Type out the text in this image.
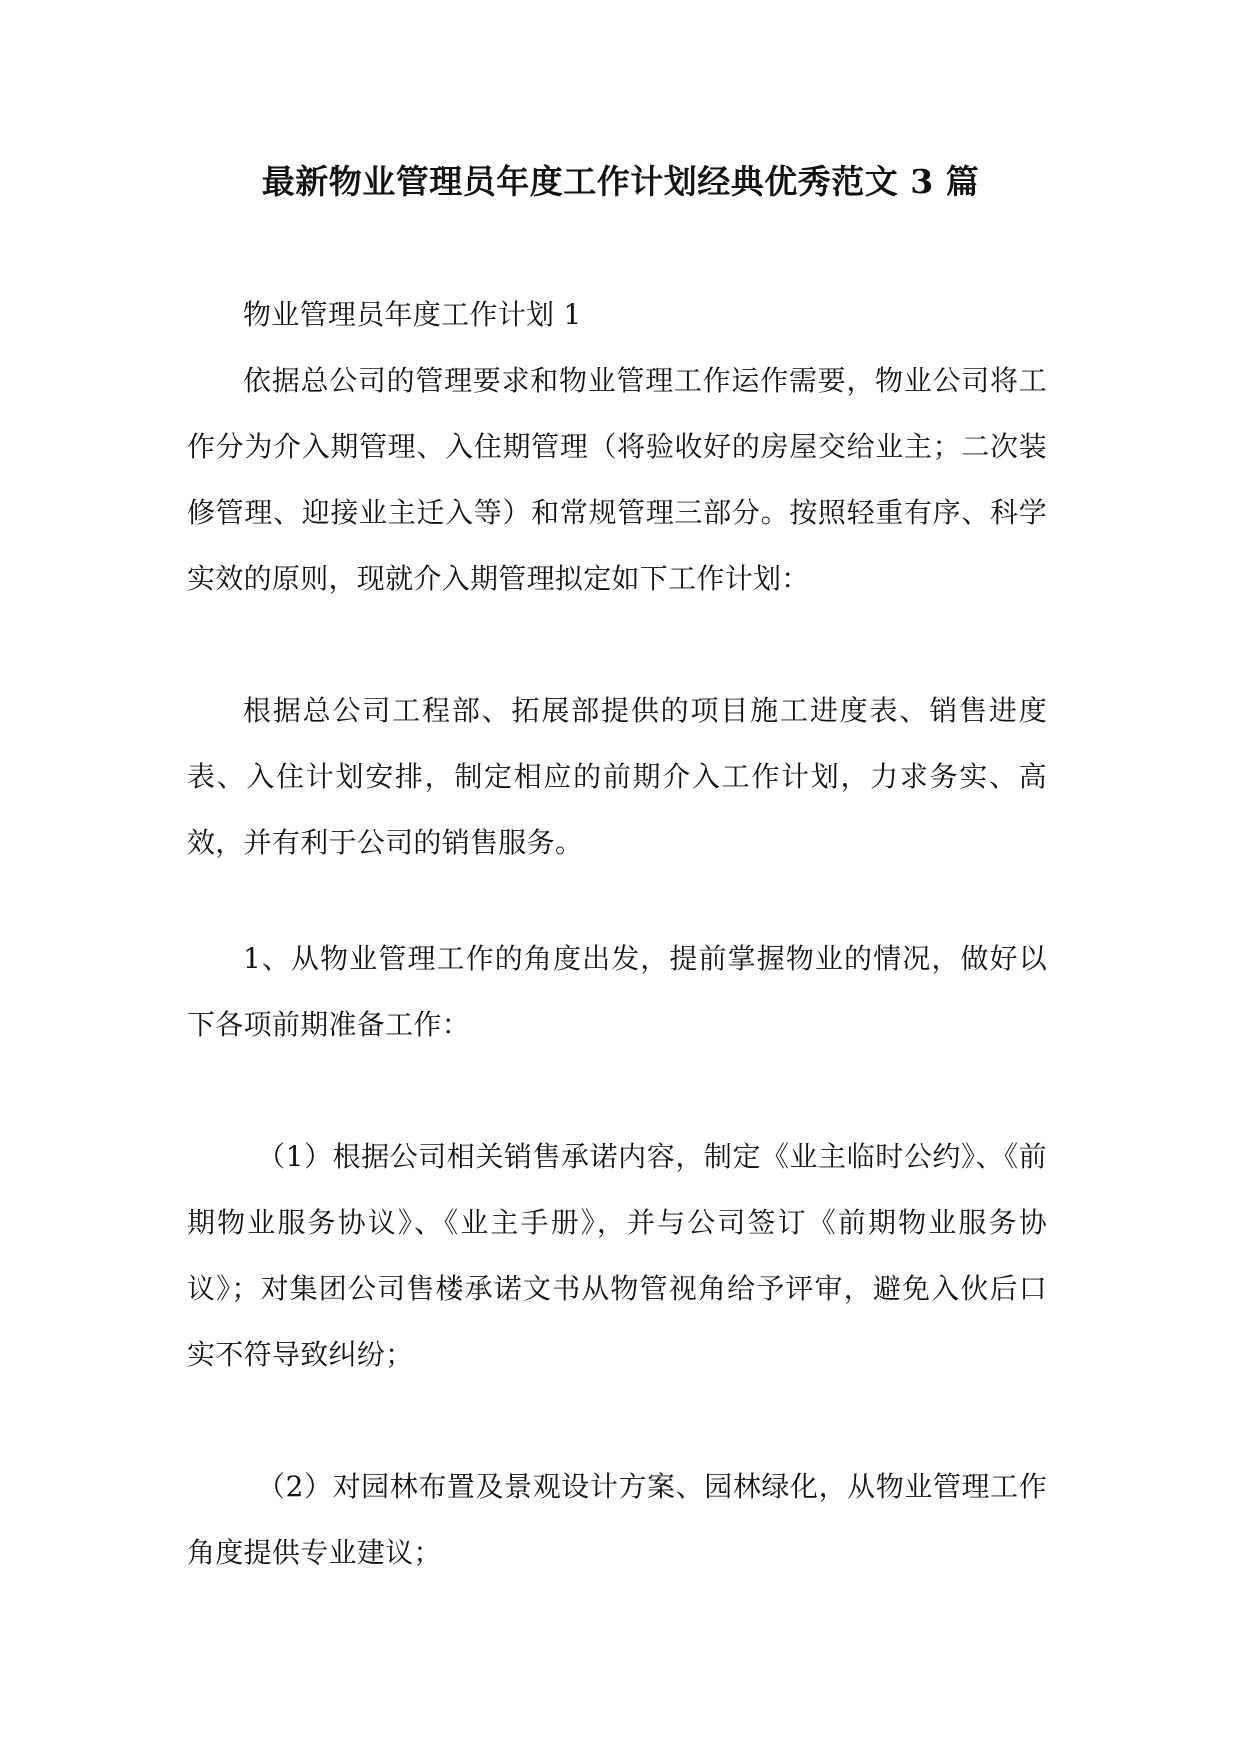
最新物业管理员年度工作计划经典优秀范文 3 篇

物业管理员年度工作计划 1

依据总公司的管理要求和物业管理工作运作需要，物业公司将工作分为介入期管理、入住期管理（将验收好的房屋交给业主；二次装修管理、迎接业主迁入等）和常规管理三部分。按照轻重有序、科学实效的原则，现就介入期管理拟定如下工作计划：

根据总公司工程部、拓展部提供的项目施工进度表、销售进度表、入住计划安排，制定相应的前期介入工作计划，力求务实、高效，并有利于公司的销售服务。

1、从物业管理工作的角度出发，提前掌握物业的情况，做好以下各项前期准备工作：

（1）根据公司相关销售承诺内容，制定《业主临时公约》、《前期物业服务协议》、《业主手册》，并与公司签订《前期物业服务协议》；对集团公司售楼承诺文书从物管视角给予评审，避免入伙后口实不符导致纠纷；

（2）对园林布置及景观设计方案、园林绿化，从物业管理工作角度提供专业建议；
